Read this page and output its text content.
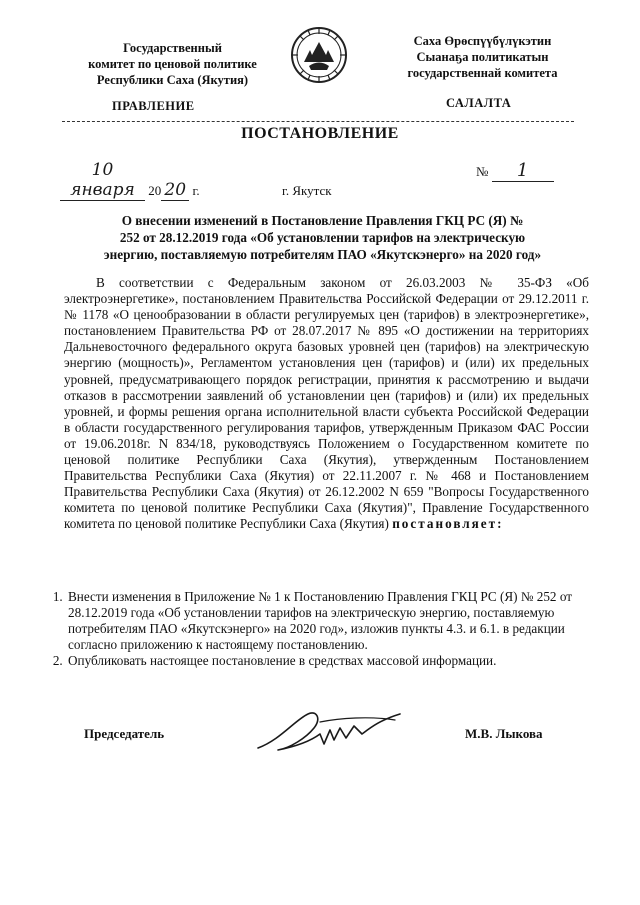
Государственный
комитет по ценовой политике
Республики Саха (Якутия)
Саха Өрөспүүбүлүкэтин
Сыанаҕа политикатын
государственнай комитета
ПРАВЛЕНИЕ	САЛАЛТА
ПОСТАНОВЛЕНИЕ
10 января 20 20 г.
№ 1
г. Якутск
О внесении изменений в Постановление Правления ГКЦ РС (Я) №
252 от 28.12.2019 года «Об установлении тарифов на электрическую
энергию, поставляемую потребителям ПАО «Якутскэнерго» на 2020 год»
В соответствии с Федеральным законом от 26.03.2003 № 35-ФЗ «Об электроэнергетике», постановлением Правительства Российской Федерации от 29.12.2011 г. № 1178 «О ценообразовании в области регулируемых цен (тарифов) в электроэнергетике», постановлением Правительства РФ от 28.07.2017 № 895 «О достижении на территориях Дальневосточного федерального округа базовых уровней цен (тарифов) на электрическую энергию (мощность)», Регламентом установления цен (тарифов) и (или) их предельных уровней, предусматривающего порядок регистрации, принятия к рассмотрению и выдачи отказов в рассмотрении заявлений об установлении цен (тарифов) и (или) их предельных уровней, и формы решения органа исполнительной власти субъекта Российской Федерации в области государственного регулирования тарифов, утвержденным Приказом ФАС России от 19.06.2018г. N 834/18, руководствуясь Положением о Государственном комитете по ценовой политике Республики Саха (Якутия), утвержденным Постановлением Правительства Республики Саха (Якутия) от 22.11.2007 г. № 468 и Постановлением Правительства Республики Саха (Якутия) от 26.12.2002 N 659 "Вопросы Государственного комитета по ценовой политике Республики Саха (Якутия)", Правление Государственного комитета по ценовой политике Республики Саха (Якутия) постановляет:
1. Внести изменения в Приложение № 1 к Постановлению Правления ГКЦ РС (Я) № 252 от 28.12.2019 года «Об установлении тарифов на электрическую энергию, поставляемую потребителям ПАО «Якутскэнерго» на 2020 год», изложив пункты 4.3. и 6.1. в редакции согласно приложению к настоящему постановлению.
2. Опубликовать настоящее постановление в средствах массовой информации.
Председатель	М.В. Лыкова
